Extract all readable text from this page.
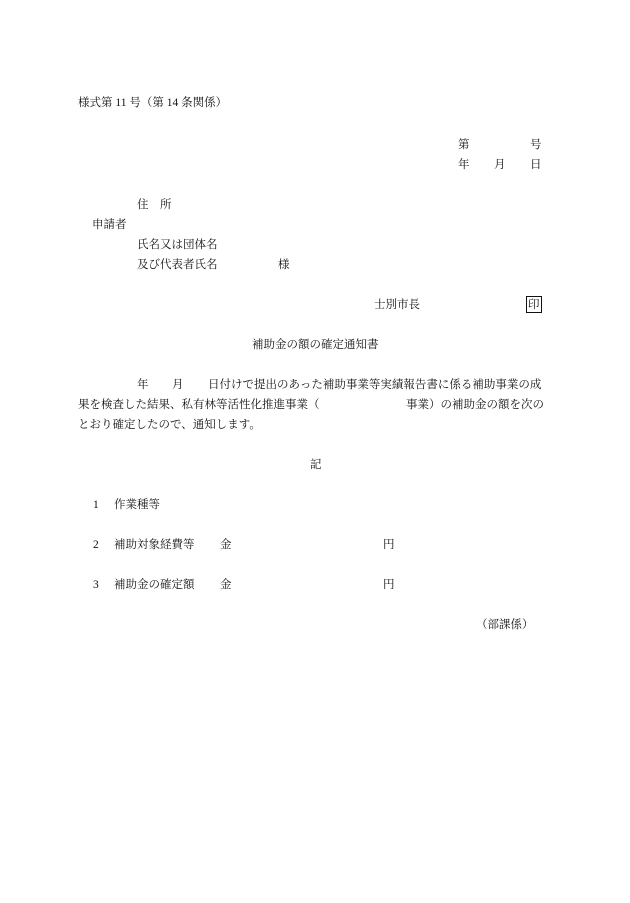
様式第 11 号（第 14 条関係）
第	号
年 月 日
住　所
申請者
氏名又は団体名
及び代表者氏名	様
士別市長	印
補助金の額の確定通知書
年 月 日付けで提出のあった補助事業等実績報告書に係る補助事業の成
果を検査した結果、私有林等活性化推進事業（	事業）の補助金の額を次の
とおり確定したので、通知します。
記
1 作業種等
2 補助対象経費等 金	円
3 補助金の確定額 金	円
（部課係）
